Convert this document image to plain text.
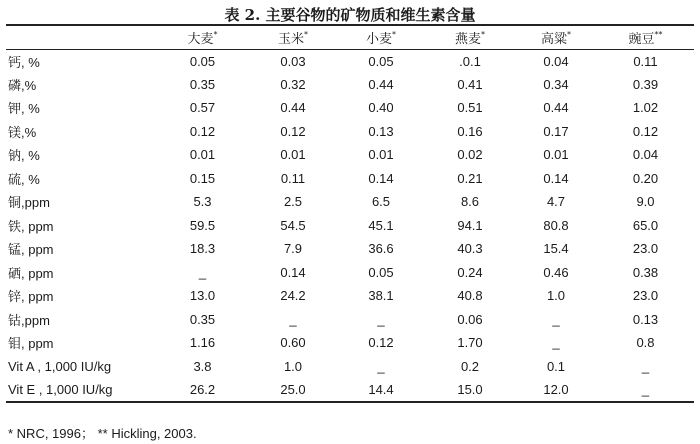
表 2. 主要谷物的矿物质和维生素含量
	大麦 *	玉米 *	小麦 *	燕麦 *	高粱 *	豌豆 **
钙, %	0.05	0.03	0.05	.0.1	0.04	0.11
磷,%	0.35	0.32	0.44	0.41	0.34	0.39
钾, %	0.57	0.44	0.40	0.51	0.44	1.02
镁,%	0.12	0.12	0.13	0.16	0.17	0.12
钠, %	0.01	0.01	0.01	0.02	0.01	0.04
硫, %	0.15	0.11	0.14	0.21	0.14	0.20
铜,ppm	5.3	2.5	6.5	8.6	4.7	9.0
铁, ppm	59.5	54.5	45.1	94.1	80.8	65.0
锰, ppm	18.3	7.9	36.6	40.3	15.4	23.0
硒, ppm	_	0.14	0.05	0.24	0.46	0.38
锌, ppm	13.0	24.2	38.1	40.8	1.0	23.0
钴,ppm	0.35	_	_	0.06	_	0.13
钼, ppm	1.16	0.60	0.12	1.70	_	0.8
Vit A , 1,000 IU/kg	3.8	1.0	_	0.2	0.1	_
Vit E , 1,000 IU/kg	26.2	25.0	14.4	15.0	12.0	_
* NRC, 1996； ** Hickling, 2003.
